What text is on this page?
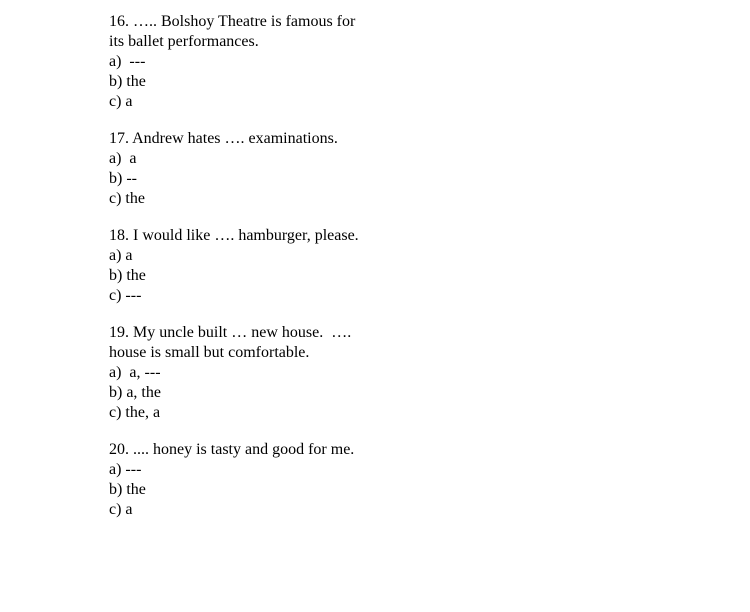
16. ….. Bolshoy Theatre is famous for
its ballet performances.
a)  ---
b) the
c) a
17. Andrew hates …. examinations.
a)  a
b) --
c) the
18. I would like …. hamburger, please.
a) a
b) the
c) ---
19. My uncle built … new house.  ….
house is small but comfortable.
a)  a, ---
b) a, the
c) the, a
20. .... honey is tasty and good for me.
a) ---
b) the
c) a
